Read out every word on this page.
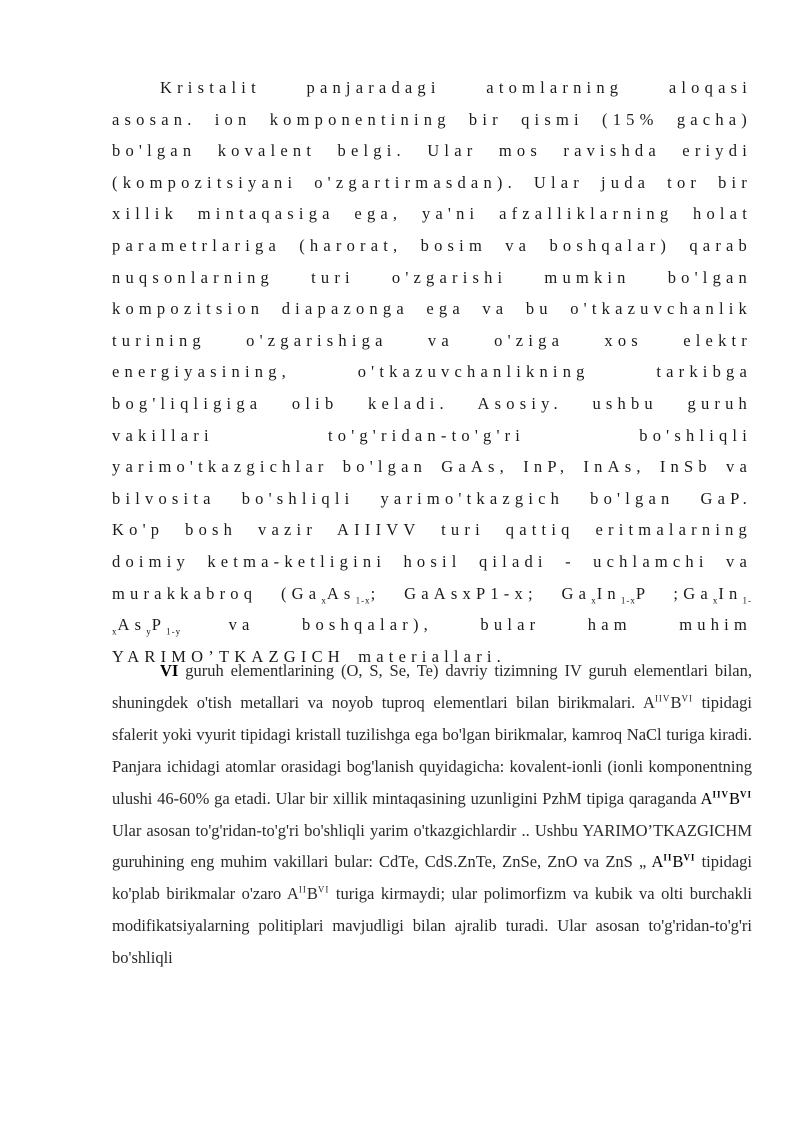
Kristalit panjaradagi atomlarning aloqasi asosan. ion komponentining bir qismi (15% gacha) bo'lgan kovalent belgi. Ular mos ravishda eriydi (kompozitsiyani o'zgartirmasdan). Ular juda tor bir xillik mintaqasiga ega, ya'ni afzalliklarning holat parametrlariga (harorat, bosim va boshqalar) qarab nuqsonlarning turi o'zgarishi mumkin bo'lgan kompozitsion diapazonga ega va bu o'tkazuvchanlik turining o'zgarishiga va o'ziga xos elektr energiyasining, o'tkazuvchanlikning tarkibga bog'liqligiga olib keladi. Asosiy. ushbu guruh vakillari to'g'ridan-to'g'ri bo'shliqli yarimo'tkazgichlar bo'lgan GaAs, InP, InAs, InSb va bilvosita bo'shliqli yarimo'tkazgich bo'lgan GaP. Ko'p bosh vazir AIIIVV turi qattiq eritmalarning doimiy ketma-ketligini hosil qiladi - uchlamchi va murakkabroq ($Ga_xAs_{1-x}$; GaAsxP1-x; $Ga_xIn_{1-x}P$ $;Ga_xIn_{1-x}As_yP_{1-y}$ va boshqalar), bular ham muhim YARIMO’TKAZGICH materiallari.

VI guruh elementlarining (O, S, Se, Te) davriy tizimning IV guruh elementlari bilan, shuningdek o'tish metallari va noyob tuproq elementlari bilan birikmalari. $A^{IIV}B^{VI}$ tipidagi sfalerit yoki vyurit tipidagi kristall tuzilishga ega bo'lgan birikmalar, kamroq NaCl turiga kiradi. Panjara ichidagi atomlar orasidagi bog'lanish quyidagicha: kovalent-ionli (ionli komponentning ulushi 46-60% ga etadi. Ular bir xillik mintaqasining uzunligini PzhM tipiga qaraganda $A^{IIV}B^{VI}$ Ular asosan to'g'ridan-to'g'ri bo'shliqli yarim o'tkazgichlardir .. Ushbu YARIMO’TKAZGICHM guruhining eng muhim vakillari bular: CdTe, CdS.ZnTe, ZnSe, ZnO va ZnS „ $A^{II}B^{VI}$ tipidagi ko'plab birikmalar o'zaro $A^{II}B^{VI}$ turiga kirmaydi; ular polimorfizm va kubik va olti burchakli modifikatsiyalarning politiplari mavjudligi bilan ajralib turadi. Ular asosan to'g'ridan-to'g'ri bo'shliqli
